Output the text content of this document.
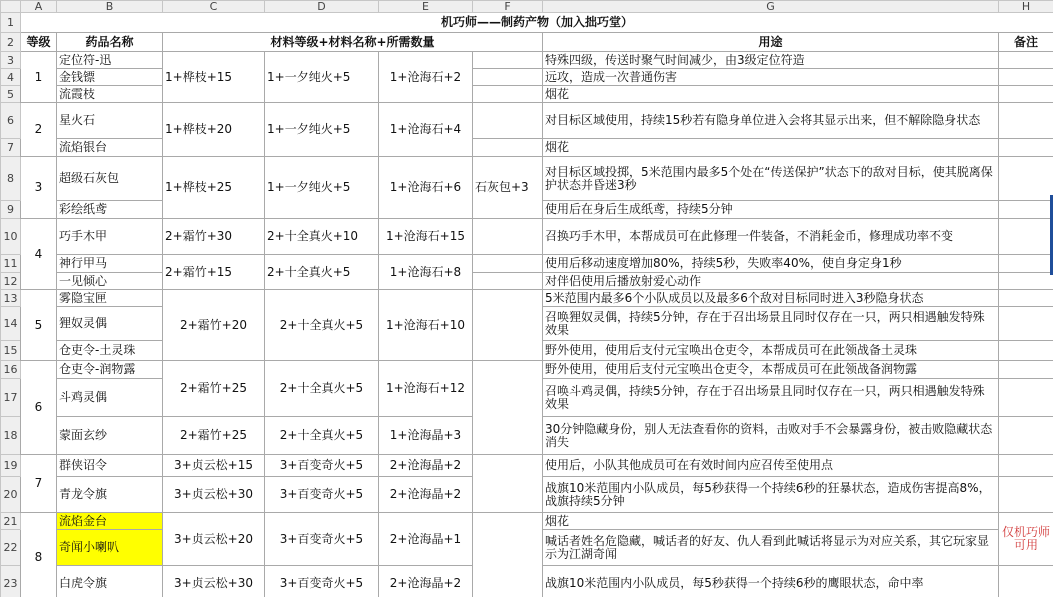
	A	B	C	D	E	F	G	H
1	机巧师——制药产物（加入拙巧堂）							
2	等级	药品名称	材料等级+材料名称+所需数量				用途	备注
3	1	定位符-迅	1+桦枝+15	1+一夕纯火+5	1+沧海石+2		特殊四级，传送时聚气时间减少，由3级定位符造	
4		金钱镖					远攻，造成一次普通伤害	
5		流霞枝					烟花	
6	2	星火石	1+桦枝+20	1+一夕纯火+5	1+沧海石+4		对目标区域使用，持续15秒若有隐身单位进入会将其显示出来，但不解除隐身状态	
7		流焰银台					烟花	
8	3	超级石灰包	1+桦枝+25	1+一夕纯火+5	1+沧海石+6	石灰包+3	对目标区域投掷，5米范围内最多5个处在“传送保护”状态下的敌对目标，使其脱离保护状态并昏迷3秒	
9		彩绘纸鸢					使用后在身后生成纸鸢，持续5分钟	
10	4	巧手木甲	2+霜竹+30	2+十全真火+10	1+沧海石+15		召换巧手木甲，本帮成员可在此修理一件装备，不消耗金币，修理成功率不变	
11		神行甲马	2+霜竹+15	2+十全真火+5	1+沧海石+8		使用后移动速度增加80%，持续5秒，失败率40%，使自身定身1秒	
12		一见倾心					对伴侣使用后播放射爱心动作	
13	5	雾隐宝匣	2+霜竹+20	2+十全真火+5	1+沧海石+10		5米范围内最多6个小队成员以及最多6个敌对目标同时进入3秒隐身状态	
14		狸奴灵偶					召唤狸奴灵偶，持续5分钟，存在于召出场景且同时仅存在一只，两只相遇触发特殊效果	
15		仓吏令-土灵珠					野外使用，使用后支付元宝唤出仓吏令，本帮成员可在此领战备土灵珠	
16	6	仓吏令-润物露	2+霜竹+25	2+十全真火+5	1+沧海石+12		野外使用，使用后支付元宝唤出仓吏令，本帮成员可在此领战备润物露	
17		斗鸡灵偶					召唤斗鸡灵偶，持续5分钟，存在于召出场景且同时仅存在一只，两只相遇触发特殊效果	
18		蒙面玄纱	2+霜竹+25	2+十全真火+5	1+沧海晶+3		30分钟隐藏身份，别人无法查看你的资料，击败对手不会暴露身份，被击败隐藏状态消失	
19	7	群侠诏令	3+贞云松+15	3+百变奇火+5	2+沧海晶+2		使用后，小队其他成员可在有效时间内应召传至使用点	
20		青龙令旗	3+贞云松+30	3+百变奇火+5	2+沧海晶+2		战旗10米范围内小队成员，每5秒获得一个持续6秒的狂暴状态，造成伤害提高8%，战旗持续5分钟	
21	8	流焰金台	3+贞云松+20	3+百变奇火+5	2+沧海晶+1		烟花	仅机巧师可用
22		奇闻小喇叭					喊话者姓名危隐藏，喊话者的好友、仇人看到此喊话将显示为对应关系，其它玩家显示为江湖奇闻	
23		白虎令旗	3+贞云松+30	3+百变奇火+5	2+沧海晶+2		战旗10米范围内小队成员，每5秒获得一个持续6秒的鹰眼状态，命中率	
